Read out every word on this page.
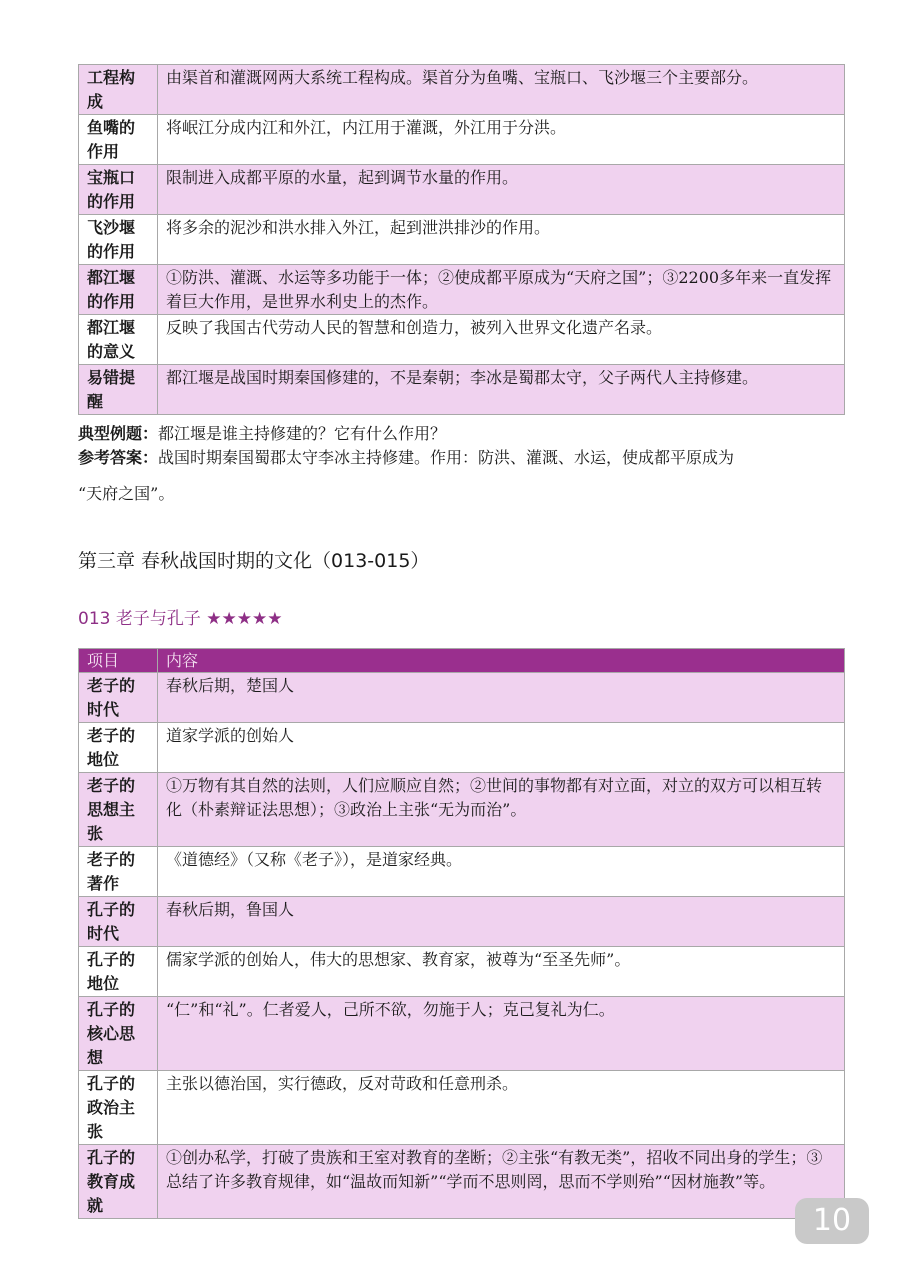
工程构成	由渠首和灌溉网两大系统工程构成。渠首分为鱼嘴、宝瓶口、飞沙堰三个主要部分。
鱼嘴的作用	将岷江分成内江和外江，内江用于灌溉，外江用于分洪。
宝瓶口的作用	限制进入成都平原的水量，起到调节水量的作用。
飞沙堰的作用	将多余的泥沙和洪水排入外江，起到泄洪排沙的作用。
都江堰的作用	①防洪、灌溉、水运等多功能于一体；②使成都平原成为“天府之国”；③2200多年来一直发挥着巨大作用，是世界水利史上的杰作。
都江堰的意义	反映了我国古代劳动人民的智慧和创造力，被列入世界文化遗产名录。
易错提醒	都江堰是战国时期秦国修建的，不是秦朝；李冰是蜀郡太守，父子两代人主持修建。
典型例题：都江堰是谁主持修建的？它有什么作用？
参考答案：战国时期秦国蜀郡太守李冰主持修建。作用：防洪、灌溉、水运，使成都平原成为
“天府之国”。
第三章 春秋战国时期的文化（013-015）
013 老子与孔子 ★★★★★
项目	内容
老子的时代	春秋后期，楚国人
老子的地位	道家学派的创始人
老子的思想主张	①万物有其自然的法则，人们应顺应自然；②世间的事物都有对立面，对立的双方可以相互转化（朴素辩证法思想）；③政治上主张“无为而治”。
老子的著作	《道德经》（又称《老子》），是道家经典。
孔子的时代	春秋后期，鲁国人
孔子的地位	儒家学派的创始人，伟大的思想家、教育家，被尊为“至圣先师”。
孔子的核心思想	“仁”和“礼”。仁者爱人，己所不欲，勿施于人；克己复礼为仁。
孔子的政治主张	主张以德治国，实行德政，反对苛政和任意刑杀。
孔子的教育成就	①创办私学，打破了贵族和王室对教育的垄断；②主张“有教无类”，招收不同出身的学生；③总结了许多教育规律，如“温故而知新”“学而不思则罔，思而不学则殆”“因材施教”等。
10
